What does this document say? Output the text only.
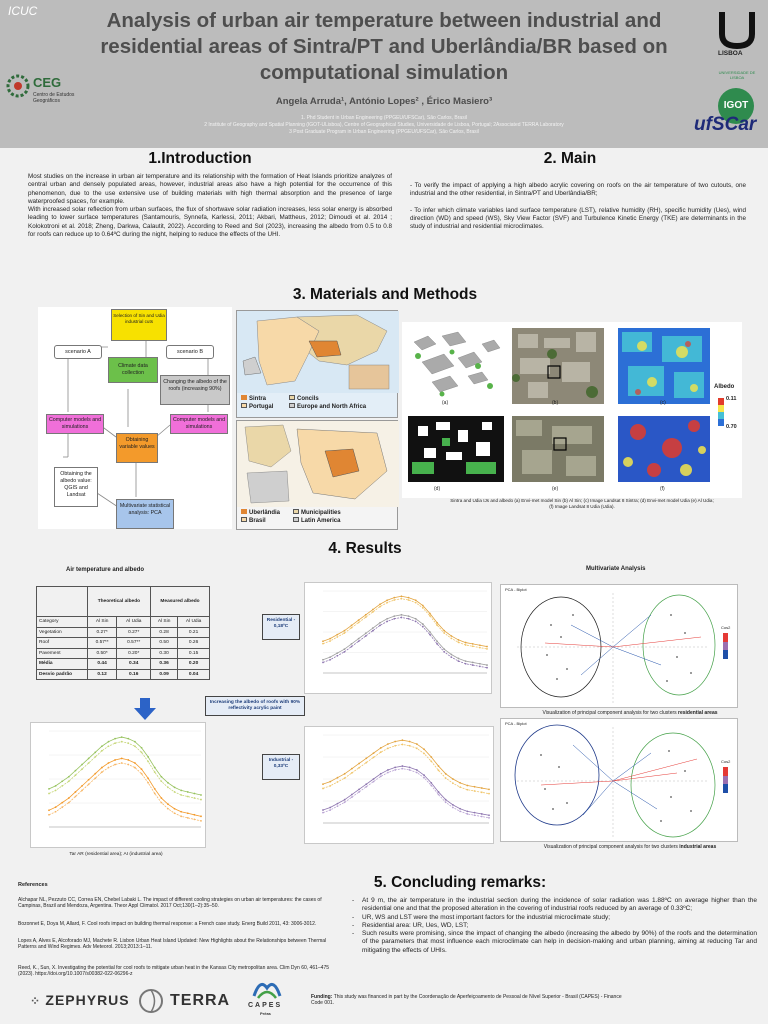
ICUC
CEG
Centro de Estudos Geográficos
Analysis of urban air temperature between industrial and residential areas of Sintra/PT and Uberlândia/BR based on computational simulation
Angela Arruda¹, António Lopes² , Érico Masiero³
1. Phd Student in Urban Engineering (PPGEU/UFSCar), São Carlos, Brasil
2 Institute of Geography and Spatial Planning (IGOT-ULisboa), Centre of Geographical Studies, Universidade de Lisboa, Portugal; 2Associated TERRA Laboratory
3 Post Graduate Program in Urban Engineering (PPGEU/UFSCar), São Carlos, Brasil
LISBOA
UNIVERSIDADE DE LISBOA
IGOT
ufSCar
1.Introduction
Most studies on the increase in urban air temperature and its relationship with the formation of Heat Islands prioritize analyzes of central urban and densely populated areas, however, industrial areas also have a high potential for the occurrence of this phenomenon, due to the use extensive use of building materials with high thermal absorption and the presence of large waterproofed spaces, for example.
With increased solar reflection from urban surfaces, the flux of shortwave solar radiation increases, less solar energy is absorbed leading to lower surface temperatures (Santamouris, Synnefa, Karlessi, 2011; Akbari, Mattheus, 2012; Dimoudi et al. 2014 ; Kolokotroni et al. 2018; Zheng, Darkwa, Calautit, 2022). According to Reed and Sol (2023), increasing the albedo from 0.5 to 0.8 for roofs can reduce up to 0.64ºC during the night, helping to reduce the effects of the UHI.
2. Main
- To verify the impact of applying a high albedo acrylic covering on roofs on the air temperature of two cutouts, one industrial and the other residential, in Sintra/PT and Uberlândia/BR;
- To infer which climate variables land surface temperature (LST), relative humidity (RH), specific humidity (Ues), wind direction (WD) and speed (WS), Sky View Factor (SVF) and Turbulence Kinetic Energy (TKE) are determinants in the study of industrial and residential microclimates.
3. Materials and Methods
Selection of Sin and Udia industrial cuts
scenario A	scenario B
Climate data collection
Changing the albedo of the roofs (increasing 90%)
Computer models and simulations
Computer models and simulations
Obtaining variable values
Obtaining the albedo value: QGIS and Landsat
Multivariate statistical analysis: PCA
Sintra
Portugal
Concils
Europe and North Africa
Uberlândia
Brasil
Municipalities
Latin America
(a)	(b)	(c)
(d)	(e)	(f)
Albedo
0.11
0.70
Sintra and Udia IJs and albedo (a) Envi-met model Sin (b) Al Sin; (c) Image Landsat 8 Sintra; (d) Envi-met model Udia (e) Al Udia; (f) Image Landsat 8 Udia (Udia).
4. Results
Air temperature and albedo	Multivariate Analysis
	Theoretical albedo		Measured albedo	
Category	Al Sin	Al Udia	Al Sin	Al Udia
Vegetation	0.27*	0.27*	0.28	0.21
Roof	0.57**	0.57**	0.50	0.26
Pavement	0.50*	0.20*	0.30	0.15
Média	0.44	0.34	0.36	0.20
Desvio padrão	0.12	0.16	0.09	0.04
Residential - 0,18ºC
Increasing the albedo of roofs with 90% reflectivity acrylic paint
Industrial - 0,33ºC
Tar AR (residential area); AI (industrial area)
PCA - Biplot
Cos2
Visualization of principal component analysis for two clusters residential areas
PCA - Biplot
Cos2
Visualization of principal component analysis for two clusters industrial areas
References
Alchapar NL, Pezzuto CC, Correa EN, Chebel Labaki L. The impact of different cooling strategies on urban air temperatures: the cases of Campinas, Brazil and Mendoza, Argentina. Theor Appl Climatol. 2017 Oct;130(1–2):35–50.
Bozonnet E, Doya M, Allard, F. Cool roofs impact on building thermal response: a French case study. Energ Build 2011, 43: 3006-3012.
Lopes A, Alves E, Alcoforado MJ, Machete R. Lisbon Urban Heat Island Updated: New Highlights about the Relationships between Thermal Patterns and Wind Regimes. Adv Meteorol. 2013;2013:1–11.
Reed, K., Sun, X. Investigating the potential for cool roofs to mitigate urban heat in the Kansas City metropolitan area. Clim Dyn 60, 461–475 (2023). https://doi.org/10.1007/s00382-022-06296-z
5. Concluding remarks:
-	At 9 m, the air temperature in the industrial section during the incidence of solar radiation was 1.88ºC on average higher than the residential one and that the proposed alteration in the covering of industrial roofs reduced by an average of 0.33ºC;
-	UR, WS and LST were the most important factors for the industrial microclimate study;
-	Residential area: UR, Ues, WD, LST;
-	Such results were promising, since the impact of changing the albedo (increasing the albedo by 90%) of the roofs and the determination of the parameters that most influence each microclimate can help in decision-making and urban planning, aiming at reducing Tar and mitigating the effects of UHIs.
⁘ ZEPHYRUS	TERRA	CAPES
Prêas
Funding: This study was financed in part by the Coordenação de Aperfeiçoamento de Pessoal de Nível Superior - Brasil (CAPES) - Finance Code 001.
